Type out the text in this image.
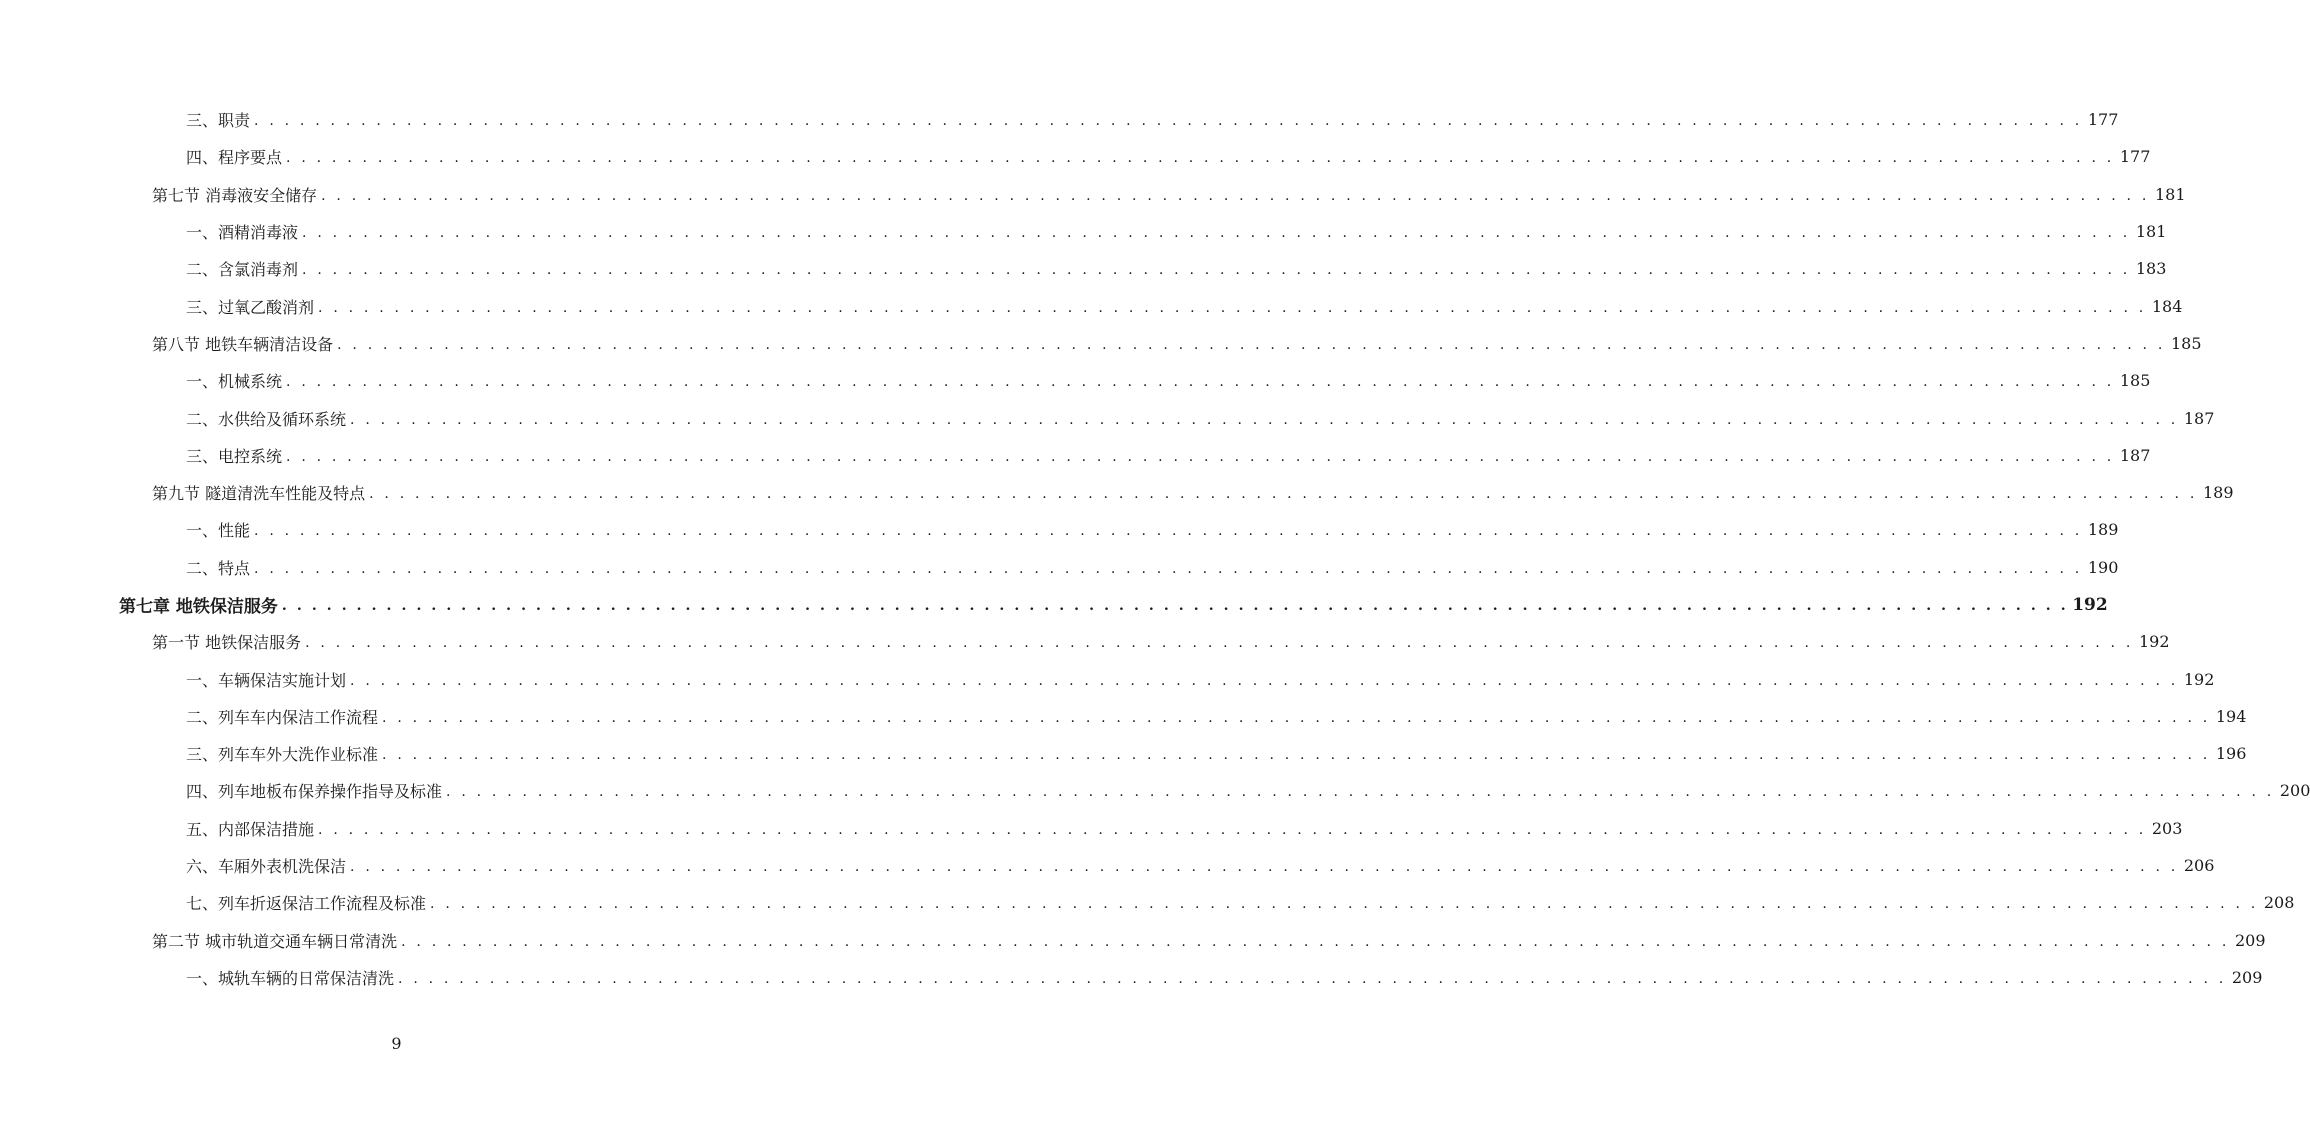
三、职责 . . . . . . . . . . . . . . . . . . . . . . . . . . . . . . . . . . . . . . . . . . . . . . . . . . . . . . . . . . . . . . . . . . . . . . . . . . . . . . . . . . . . . . . . . . . . . . . . . . . . . . . . . . . . . . . . . . . . . . . . 177
四、程序要点 . . . . . . . . . . . . . . . . . . . . . . . . . . . . . . . . . . . . . . . . . . . . . . . . . . . . . . . . . . . . . . . . . . . . . . . . . . . . . . . . . . . . . . . . . . . . . . . . . . . . . . . . . . . . . . . . . . . . . . . . 177
第七节 消毒液安全储存 . . . . . . . . . . . . . . . . . . . . . . . . . . . . . . . . . . . . . . . . . . . . . . . . . . . . . . . . . . . . . . . . . . . . . . . . . . . . . . . . . . . . . . . . . . . . . . . . . . . . . . . . . . . . . . . . . . . . . . . . 181
一、酒精消毒液 . . . . . . . . . . . . . . . . . . . . . . . . . . . . . . . . . . . . . . . . . . . . . . . . . . . . . . . . . . . . . . . . . . . . . . . . . . . . . . . . . . . . . . . . . . . . . . . . . . . . . . . . . . . . . . . . . . . . . . . . 181
二、含氯消毒剂 . . . . . . . . . . . . . . . . . . . . . . . . . . . . . . . . . . . . . . . . . . . . . . . . . . . . . . . . . . . . . . . . . . . . . . . . . . . . . . . . . . . . . . . . . . . . . . . . . . . . . . . . . . . . . . . . . . . . . . . . 183
三、过氧乙酸消剂 . . . . . . . . . . . . . . . . . . . . . . . . . . . . . . . . . . . . . . . . . . . . . . . . . . . . . . . . . . . . . . . . . . . . . . . . . . . . . . . . . . . . . . . . . . . . . . . . . . . . . . . . . . . . . . . . . . . . . . . . 184
第八节 地铁车辆清洁设备 . . . . . . . . . . . . . . . . . . . . . . . . . . . . . . . . . . . . . . . . . . . . . . . . . . . . . . . . . . . . . . . . . . . . . . . . . . . . . . . . . . . . . . . . . . . . . . . . . . . . . . . . . . . . . . . . . . . . . . . . 185
一、机械系统 . . . . . . . . . . . . . . . . . . . . . . . . . . . . . . . . . . . . . . . . . . . . . . . . . . . . . . . . . . . . . . . . . . . . . . . . . . . . . . . . . . . . . . . . . . . . . . . . . . . . . . . . . . . . . . . . . . . . . . . . 185
二、水供给及循环系统 . . . . . . . . . . . . . . . . . . . . . . . . . . . . . . . . . . . . . . . . . . . . . . . . . . . . . . . . . . . . . . . . . . . . . . . . . . . . . . . . . . . . . . . . . . . . . . . . . . . . . . . . . . . . . . . . . . . . . . . . 187
三、电控系统 . . . . . . . . . . . . . . . . . . . . . . . . . . . . . . . . . . . . . . . . . . . . . . . . . . . . . . . . . . . . . . . . . . . . . . . . . . . . . . . . . . . . . . . . . . . . . . . . . . . . . . . . . . . . . . . . . . . . . . . . 187
第九节 隧道清洗车性能及特点 . . . . . . . . . . . . . . . . . . . . . . . . . . . . . . . . . . . . . . . . . . . . . . . . . . . . . . . . . . . . . . . . . . . . . . . . . . . . . . . . . . . . . . . . . . . . . . . . . . . . . . . . . . . . . . . . . . . . . . . . 189
一、性能 . . . . . . . . . . . . . . . . . . . . . . . . . . . . . . . . . . . . . . . . . . . . . . . . . . . . . . . . . . . . . . . . . . . . . . . . . . . . . . . . . . . . . . . . . . . . . . . . . . . . . . . . . . . . . . . . . . . . . . . . 189
二、特点 . . . . . . . . . . . . . . . . . . . . . . . . . . . . . . . . . . . . . . . . . . . . . . . . . . . . . . . . . . . . . . . . . . . . . . . . . . . . . . . . . . . . . . . . . . . . . . . . . . . . . . . . . . . . . . . . . . . . . . . . 190
第七章 地铁保洁服务 . . . . . . . . . . . . . . . . . . . . . . . . . . . . . . . . . . . . . . . . . . . . . . . . . . . . . . . . . . . . . . . . . . . . . . . . . . . . . . . . . . . . . . . . . . . . . . . . . . . . . . . . . . . . . . . . . . . . . . . . 192
第一节 地铁保洁服务 . . . . . . . . . . . . . . . . . . . . . . . . . . . . . . . . . . . . . . . . . . . . . . . . . . . . . . . . . . . . . . . . . . . . . . . . . . . . . . . . . . . . . . . . . . . . . . . . . . . . . . . . . . . . . . . . . . . . . . . . 192
一、车辆保洁实施计划 . . . . . . . . . . . . . . . . . . . . . . . . . . . . . . . . . . . . . . . . . . . . . . . . . . . . . . . . . . . . . . . . . . . . . . . . . . . . . . . . . . . . . . . . . . . . . . . . . . . . . . . . . . . . . . . . . . . . . . . . 192
二、列车车内保洁工作流程 . . . . . . . . . . . . . . . . . . . . . . . . . . . . . . . . . . . . . . . . . . . . . . . . . . . . . . . . . . . . . . . . . . . . . . . . . . . . . . . . . . . . . . . . . . . . . . . . . . . . . . . . . . . . . . . . . . . . . . . . 194
三、列车车外大洗作业标准 . . . . . . . . . . . . . . . . . . . . . . . . . . . . . . . . . . . . . . . . . . . . . . . . . . . . . . . . . . . . . . . . . . . . . . . . . . . . . . . . . . . . . . . . . . . . . . . . . . . . . . . . . . . . . . . . . . . . . . . . 196
四、列车地板布保养操作指导及标准 . . . . . . . . . . . . . . . . . . . . . . . . . . . . . . . . . . . . . . . . . . . . . . . . . . . . . . . . . . . . . . . . . . . . . . . . . . . . . . . . . . . . . . . . . . . . . . . . . . . . . . . . . . . . . . . . . . . . . . . . 200
五、内部保洁措施 . . . . . . . . . . . . . . . . . . . . . . . . . . . . . . . . . . . . . . . . . . . . . . . . . . . . . . . . . . . . . . . . . . . . . . . . . . . . . . . . . . . . . . . . . . . . . . . . . . . . . . . . . . . . . . . . . . . . . . . . 203
六、车厢外表机洗保洁 . . . . . . . . . . . . . . . . . . . . . . . . . . . . . . . . . . . . . . . . . . . . . . . . . . . . . . . . . . . . . . . . . . . . . . . . . . . . . . . . . . . . . . . . . . . . . . . . . . . . . . . . . . . . . . . . . . . . . . . . 206
七、列车折返保洁工作流程及标准 . . . . . . . . . . . . . . . . . . . . . . . . . . . . . . . . . . . . . . . . . . . . . . . . . . . . . . . . . . . . . . . . . . . . . . . . . . . . . . . . . . . . . . . . . . . . . . . . . . . . . . . . . . . . . . . . . . . . . . . . 208
第二节 城市轨道交通车辆日常清洗 . . . . . . . . . . . . . . . . . . . . . . . . . . . . . . . . . . . . . . . . . . . . . . . . . . . . . . . . . . . . . . . . . . . . . . . . . . . . . . . . . . . . . . . . . . . . . . . . . . . . . . . . . . . . . . . . . . . . . . . . 209
一、城轨车辆的日常保洁清洗 . . . . . . . . . . . . . . . . . . . . . . . . . . . . . . . . . . . . . . . . . . . . . . . . . . . . . . . . . . . . . . . . . . . . . . . . . . . . . . . . . . . . . . . . . . . . . . . . . . . . . . . . . . . . . . . . . . . . . . . . 209
9
